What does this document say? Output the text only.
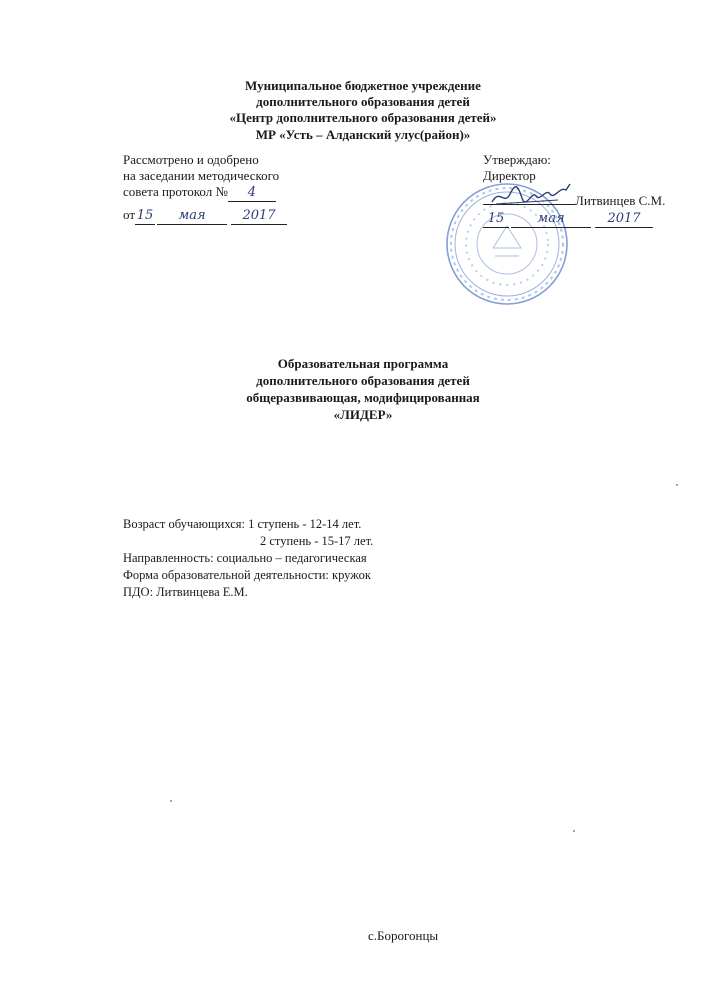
Муниципальное бюджетное учреждение
дополнительного образования детей
«Центр дополнительного образования детей»
МР «Усть – Алданский улус(район)»
Рассмотрено и одобрено
на заседании методического
совета протокол № 4
от 15 мая	2017
Утверждаю:
Директор
Литвинцев С.М.
15	мая	2017
Образовательная программа
дополнительного образования детей
общеразвивающая, модифицированная
«ЛИДЕР»
Возраст обучающихся: 1 ступень - 12-14 лет.
2 ступень - 15-17 лет.
Направленность: социально – педагогическая
Форма образовательной деятельности: кружок
ПДО: Литвинцева Е.М.
с.Борогонцы
